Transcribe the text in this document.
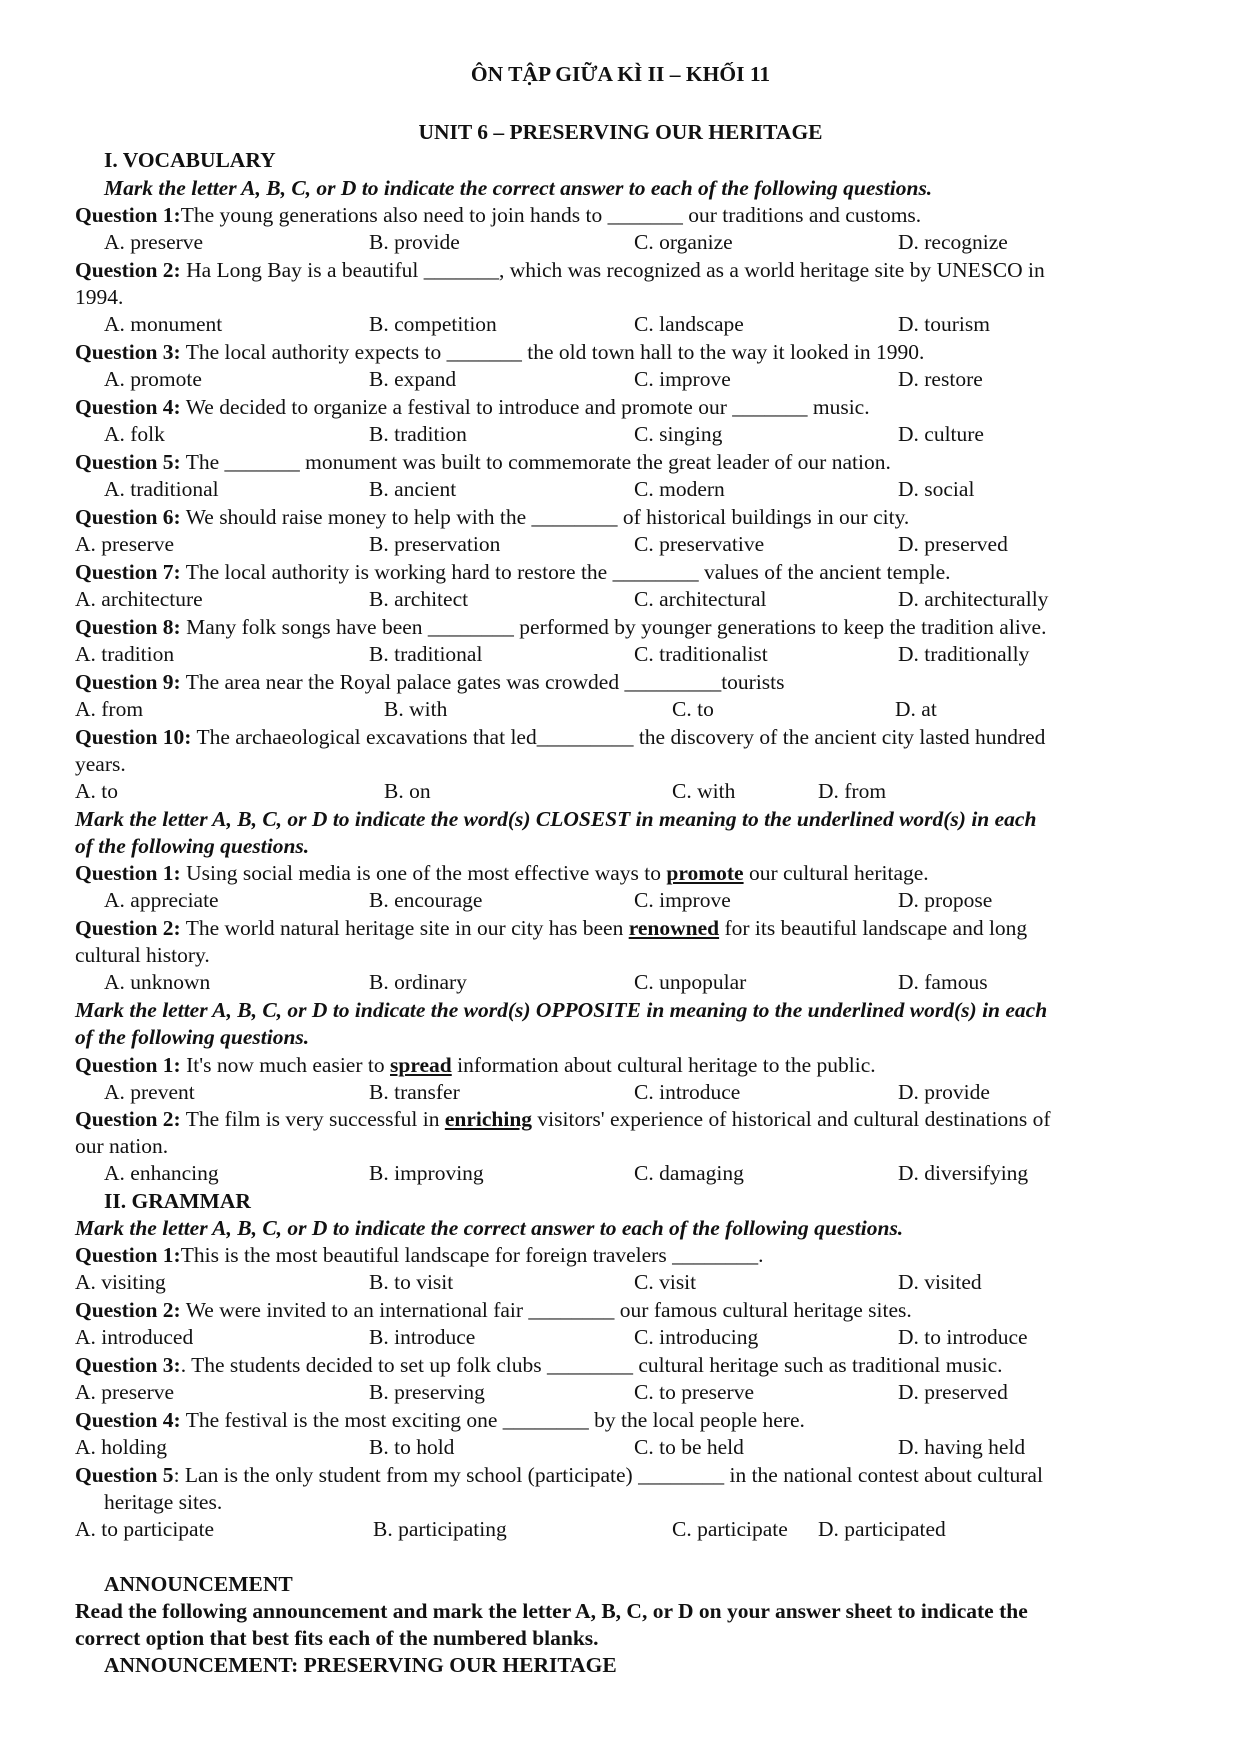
ÔN TẬP GIỮA KÌ II – KHỐI 11
UNIT 6 – PRESERVING OUR HERITAGE
I. VOCABULARY
Mark the letter A, B, C, or D to indicate the correct answer to each of the following questions.
Question 1:The young generations also need to join hands to _______ our traditions and customs.
A. preserve	B. provide	C. organize	D. recognize
Question 2: Ha Long Bay is a beautiful _______, which was recognized as a world heritage site by UNESCO in
1994.
A. monument	B. competition	C. landscape	D. tourism
Question 3: The local authority expects to _______ the old town hall to the way it looked in 1990.
A. promote	B. expand	C. improve	D. restore
Question 4: We decided to organize a festival to introduce and promote our _______ music.
A. folk	B. tradition	C. singing	D. culture
Question 5: The _______ monument was built to commemorate the great leader of our nation.
A. traditional	B. ancient	C. modern	D. social
Question 6: We should raise money to help with the ________ of historical buildings in our city.
A. preserve	B. preservation	C. preservative	D. preserved
Question 7: The local authority is working hard to restore the ________ values of the ancient temple.
A. architecture	B. architect	C. architectural	D. architecturally
Question 8: Many folk songs have been ________ performed by younger generations to keep the tradition alive.
A. tradition	B. traditional	C. traditionalist	D. traditionally
Question 9: The area near the Royal palace gates was crowded _________tourists
A. from	B. with	C. to	D. at
Question 10: The archaeological excavations that led_________ the discovery of the ancient city lasted hundred
years.
A. to	B. on	C. with	D. from
Mark the letter A, B, C, or D to indicate the word(s) CLOSEST in meaning to the underlined word(s) in each
of the following questions.
Question 1: Using social media is one of the most effective ways to promote our cultural heritage.
A. appreciate	B. encourage	C. improve	D. propose
Question 2: The world natural heritage site in our city has been renowned for its beautiful landscape and long
cultural history.
A. unknown	B. ordinary	C. unpopular	D. famous
Mark the letter A, B, C, or D to indicate the word(s) OPPOSITE in meaning to the underlined word(s) in each
of the following questions.
Question 1: It's now much easier to spread information about cultural heritage to the public.
A. prevent	B. transfer	C. introduce	D. provide
Question 2: The film is very successful in enriching visitors' experience of historical and cultural destinations of
our nation.
A. enhancing	B. improving	C. damaging	D. diversifying
II. GRAMMAR
Mark the letter A, B, C, or D to indicate the correct answer to each of the following questions.
Question 1:This is the most beautiful landscape for foreign travelers ________.
A. visiting	B. to visit	C. visit	D. visited
Question 2: We were invited to an international fair ________ our famous cultural heritage sites.
A. introduced	B. introduce	C. introducing	D. to introduce
Question 3:. The students decided to set up folk clubs ________ cultural heritage such as traditional music.
A. preserve	B. preserving	C. to preserve	D. preserved
Question 4: The festival is the most exciting one ________ by the local people here.
A. holding	B. to hold	C. to be held	D. having held
Question 5: Lan is the only student from my school (participate) ________ in the national contest about cultural
heritage sites.
A. to participate	B. participating	C. participate D. participated
ANNOUNCEMENT
Read the following announcement and mark the letter A, B, C, or D on your answer sheet to indicate the
correct option that best fits each of the numbered blanks.
ANNOUNCEMENT: PRESERVING OUR HERITAGE
